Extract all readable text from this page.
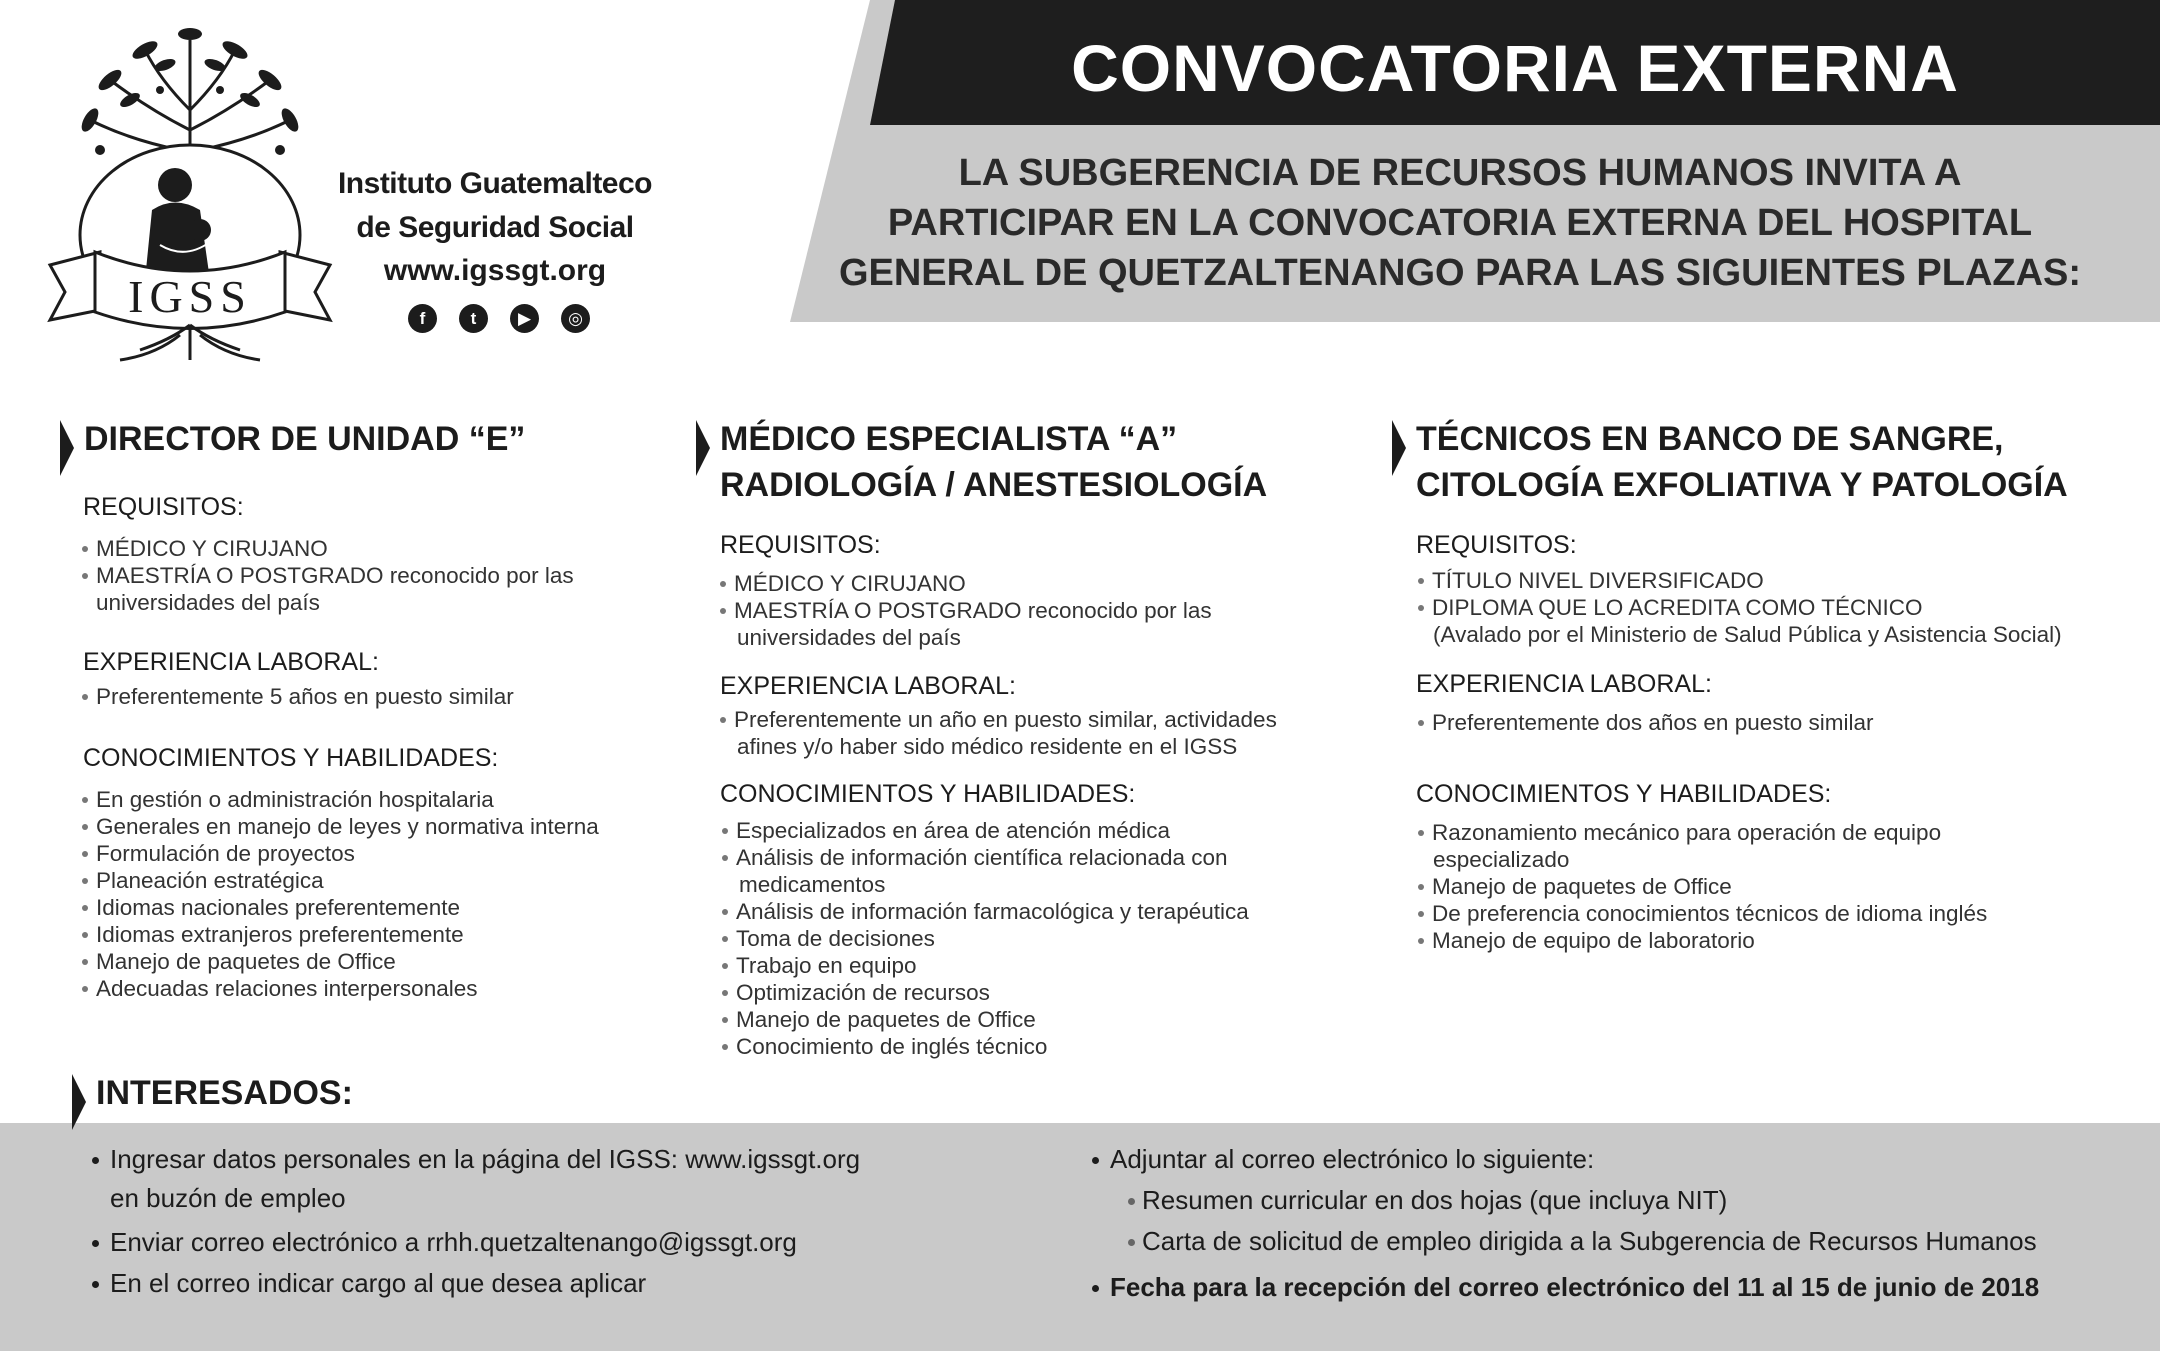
CONVOCATORIA EXTERNA
LA SUBGERENCIA DE RECURSOS HUMANOS INVITA A
PARTICIPAR EN LA CONVOCATORIA EXTERNA DEL HOSPITAL
GENERAL DE QUETZALTENANGO PARA LAS SIGUIENTES PLAZAS:
IGSS
Instituto Guatemalteco
de Seguridad Social
www.igssgt.org
f	t	▶	◎
DIRECTOR DE UNIDAD “E”
REQUISITOS:
MÉDICO Y CIRUJANO
MAESTRÍA O POSTGRADO reconocido por las
universidades del país
EXPERIENCIA LABORAL:
Preferentemente 5 años en puesto similar
CONOCIMIENTOS Y HABILIDADES:
En gestión o administración hospitalaria
Generales en manejo de leyes y normativa interna
Formulación de proyectos
Planeación estratégica
Idiomas nacionales preferentemente
Idiomas extranjeros preferentemente
Manejo de paquetes de Office
Adecuadas relaciones interpersonales
MÉDICO ESPECIALISTA “A”
RADIOLOGÍA / ANESTESIOLOGÍA
REQUISITOS:
MÉDICO Y CIRUJANO
MAESTRÍA O POSTGRADO reconocido por las
universidades del país
EXPERIENCIA LABORAL:
Preferentemente un año en puesto similar, actividades
afines y/o haber sido médico residente en el IGSS
CONOCIMIENTOS Y HABILIDADES:
Especializados en área de atención médica
Análisis de información científica relacionada con
medicamentos
Análisis de información farmacológica y terapéutica
Toma de decisiones
Trabajo en equipo
Optimización de recursos
Manejo de paquetes de Office
Conocimiento de inglés técnico
TÉCNICOS EN BANCO DE SANGRE,
CITOLOGÍA EXFOLIATIVA Y PATOLOGÍA
REQUISITOS:
TÍTULO NIVEL DIVERSIFICADO
DIPLOMA QUE LO ACREDITA COMO TÉCNICO
(Avalado por el Ministerio de Salud Pública y Asistencia Social)
EXPERIENCIA LABORAL:
Preferentemente dos años en puesto similar
CONOCIMIENTOS Y HABILIDADES:
Razonamiento mecánico para operación de equipo
especializado
Manejo de paquetes de Office
De preferencia conocimientos técnicos de idioma inglés
Manejo de equipo de laboratorio
INTERESADOS:
Ingresar datos personales en la página del IGSS: www.igssgt.org
en buzón de empleo
Enviar correo electrónico a rrhh.quetzaltenango@igssgt.org
En el correo indicar cargo al que desea aplicar
Adjuntar al correo electrónico lo siguiente:
Resumen curricular en dos hojas (que incluya NIT)
Carta de solicitud de empleo dirigida a la Subgerencia de Recursos Humanos
Fecha para la recepción del correo electrónico del 11 al 15 de junio de 2018
